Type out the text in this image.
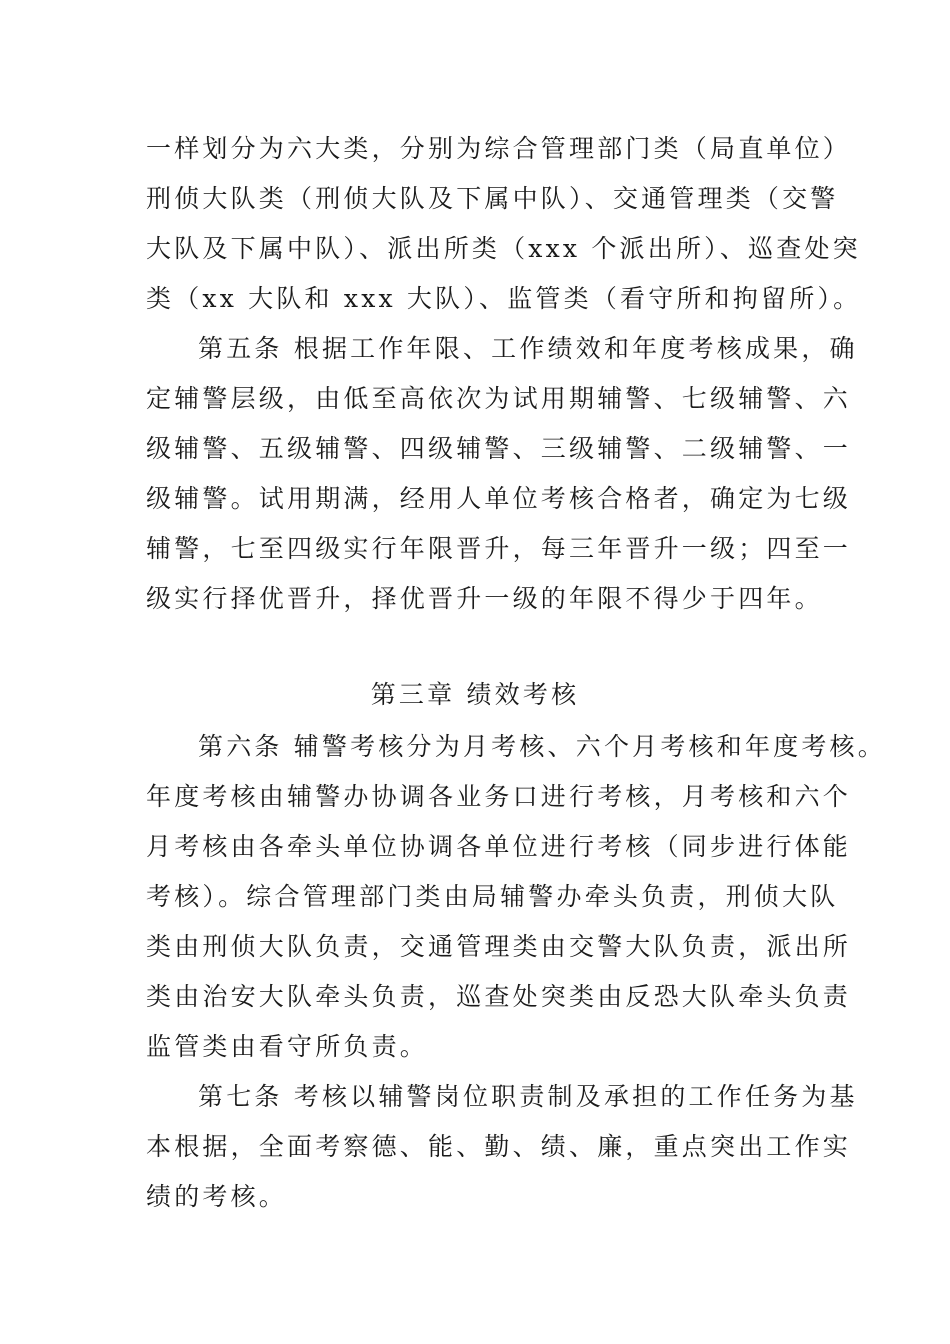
一样划分为六大类，分别为综合管理部门类（局直单位）
刑侦大队类（刑侦大队及下属中队）、交通管理类（交警
大队及下属中队）、派出所类（xxx 个派出所）、巡查处突
类（xx 大队和 xxx 大队）、监管类（看守所和拘留所）。
第五条 根据工作年限、工作绩效和年度考核成果，确
定辅警层级，由低至高依次为试用期辅警、七级辅警、六
级辅警、五级辅警、四级辅警、三级辅警、二级辅警、一
级辅警。试用期满，经用人单位考核合格者，确定为七级
辅警，七至四级实行年限晋升，每三年晋升一级；四至一
级实行择优晋升，择优晋升一级的年限不得少于四年。
第三章 绩效考核
第六条 辅警考核分为月考核、六个月考核和年度考核。
年度考核由辅警办协调各业务口进行考核，月考核和六个
月考核由各牵头单位协调各单位进行考核（同步进行体能
考核）。综合管理部门类由局辅警办牵头负责，刑侦大队
类由刑侦大队负责，交通管理类由交警大队负责，派出所
类由治安大队牵头负责，巡查处突类由反恐大队牵头负责
监管类由看守所负责。
第七条 考核以辅警岗位职责制及承担的工作任务为基
本根据，全面考察德、能、勤、绩、廉，重点突出工作实
绩的考核。
